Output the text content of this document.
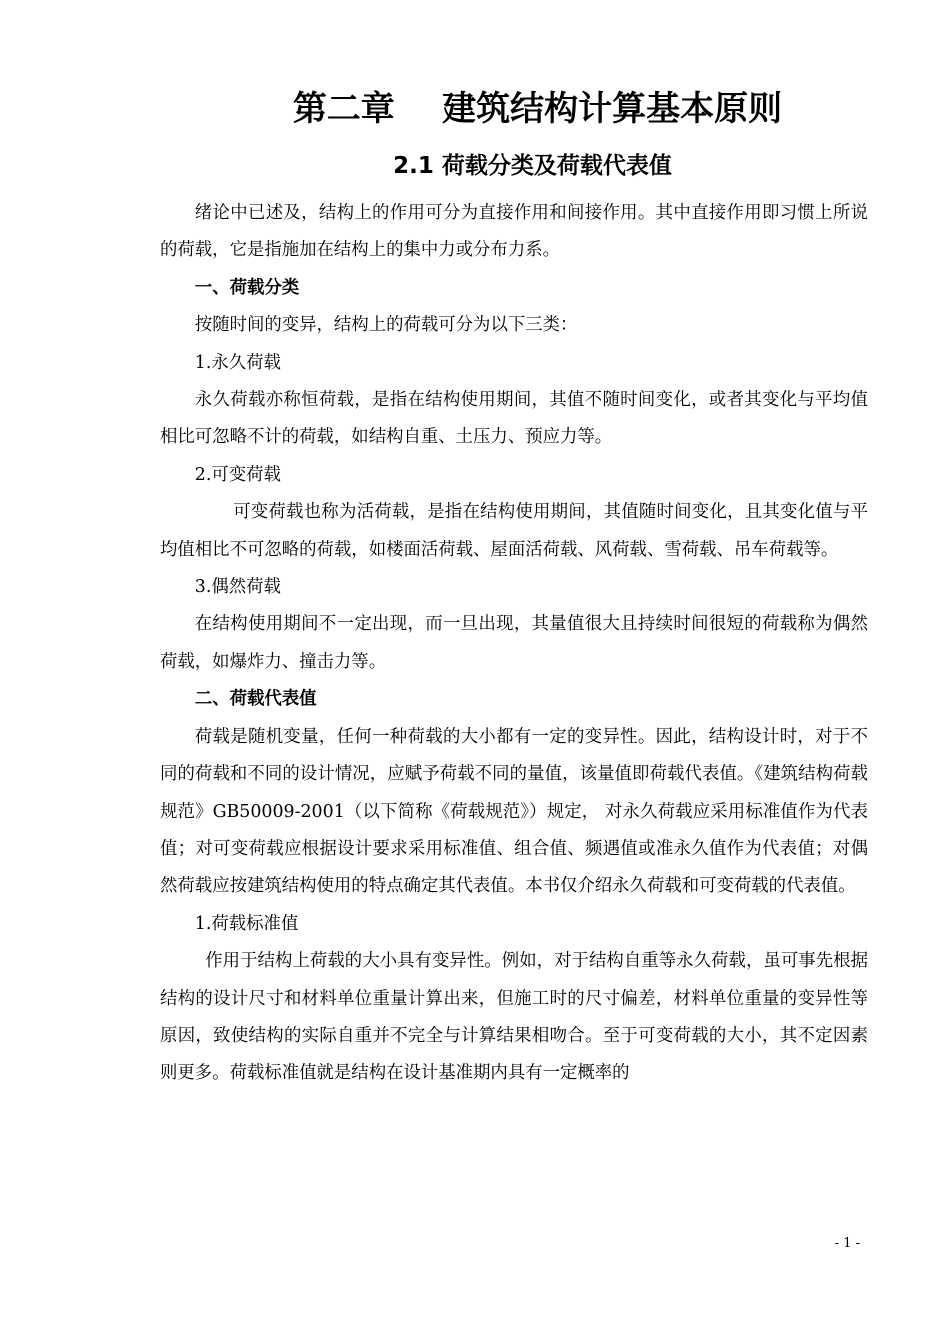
第二章    建筑结构计算基本原则
2.1 荷载分类及荷载代表值

绪论中已述及，结构上的作用可分为直接作用和间接作用。其中直接作用即习惯上所说的荷载，它是指施加在结构上的集中力或分布力系。

一、荷载分类

按随时间的变异，结构上的荷载可分为以下三类：

1.永久荷载

永久荷载亦称恒荷载，是指在结构使用期间，其值不随时间变化，或者其变化与平均值相比可忽略不计的荷载，如结构自重、土压力、预应力等。

2.可变荷载

可变荷载也称为活荷载，是指在结构使用期间，其值随时间变化，且其变化值与平均值相比不可忽略的荷载，如楼面活荷载、屋面活荷载、风荷载、雪荷载、吊车荷载等。

3.偶然荷载

在结构使用期间不一定出现，而一旦出现，其量值很大且持续时间很短的荷载称为偶然荷载，如爆炸力、撞击力等。

二、荷载代表值

荷载是随机变量，任何一种荷载的大小都有一定的变异性。因此，结构设计时，对于不同的荷载和不同的设计情况，应赋予荷载不同的量值，该量值即荷载代表值。《建筑结构荷载规范》GB50009-2001（以下简称《荷载规范》）规定， 对永久荷载应采用标准值作为代表值；对可变荷载应根据设计要求采用标准值、组合值、频遇值或准永久值作为代表值；对偶然荷载应按建筑结构使用的特点确定其代表值。本书仅介绍永久荷载和可变荷载的代表值。

1.荷载标准值

作用于结构上荷载的大小具有变异性。例如，对于结构自重等永久荷载，虽可事先根据结构的设计尺寸和材料单位重量计算出来，但施工时的尺寸偏差，材料单位重量的变异性等原因，致使结构的实际自重并不完全与计算结果相吻合。至于可变荷载的大小，其不定因素则更多。荷载标准值就是结构在设计基准期内具有一定概率的

- 1 -
